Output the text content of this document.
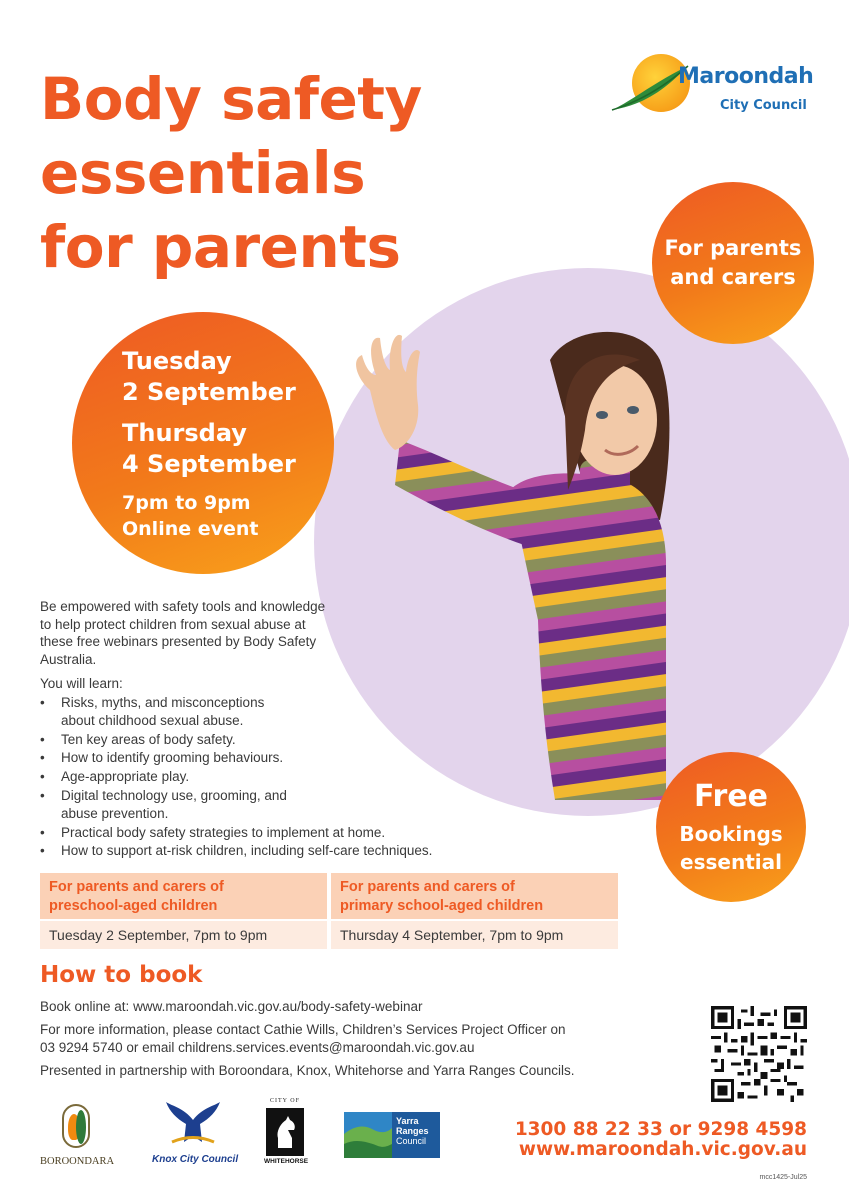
Body safety
essentials
for parents
Maroondah
City Council
For parents
and carers
Tuesday
2 September
Thursday
4 September
7pm to 9pm
Online event
Free
Bookings
essential

Be empowered with safety tools and knowledge to help protect children from sexual abuse at these free webinars presented by Body Safety Australia.

You will learn:
• Risks, myths, and misconceptions about childhood sexual abuse.
• Ten key areas of body safety.
• How to identify grooming behaviours.
• Age-appropriate play.
• Digital technology use, grooming, and abuse prevention.
• Practical body safety strategies to implement at home.
• How to support at-risk children, including self-care techniques.
For parents and carers of
preschool-aged children
Tuesday 2 September, 7pm to 9pm
For parents and carers of
primary school-aged children
Thursday 4 September, 7pm to 9pm
How to book

Book online at: www.maroondah.vic.gov.au/body-safety-webinar

For more information, please contact Cathie Wills, Children’s Services Project Officer on
03 9294 5740 or email childrens.services.events@maroondah.vic.gov.au

Presented in partnership with Boroondara, Knox, Whitehorse and Yarra Ranges Councils.

BOROONDARA	Knox City Council
CITY OF
WHITEHORSE
Yarra
Ranges
Council
1300 88 22 33 or 9298 4598
www.maroondah.vic.gov.au
mcc1425-Jul25
